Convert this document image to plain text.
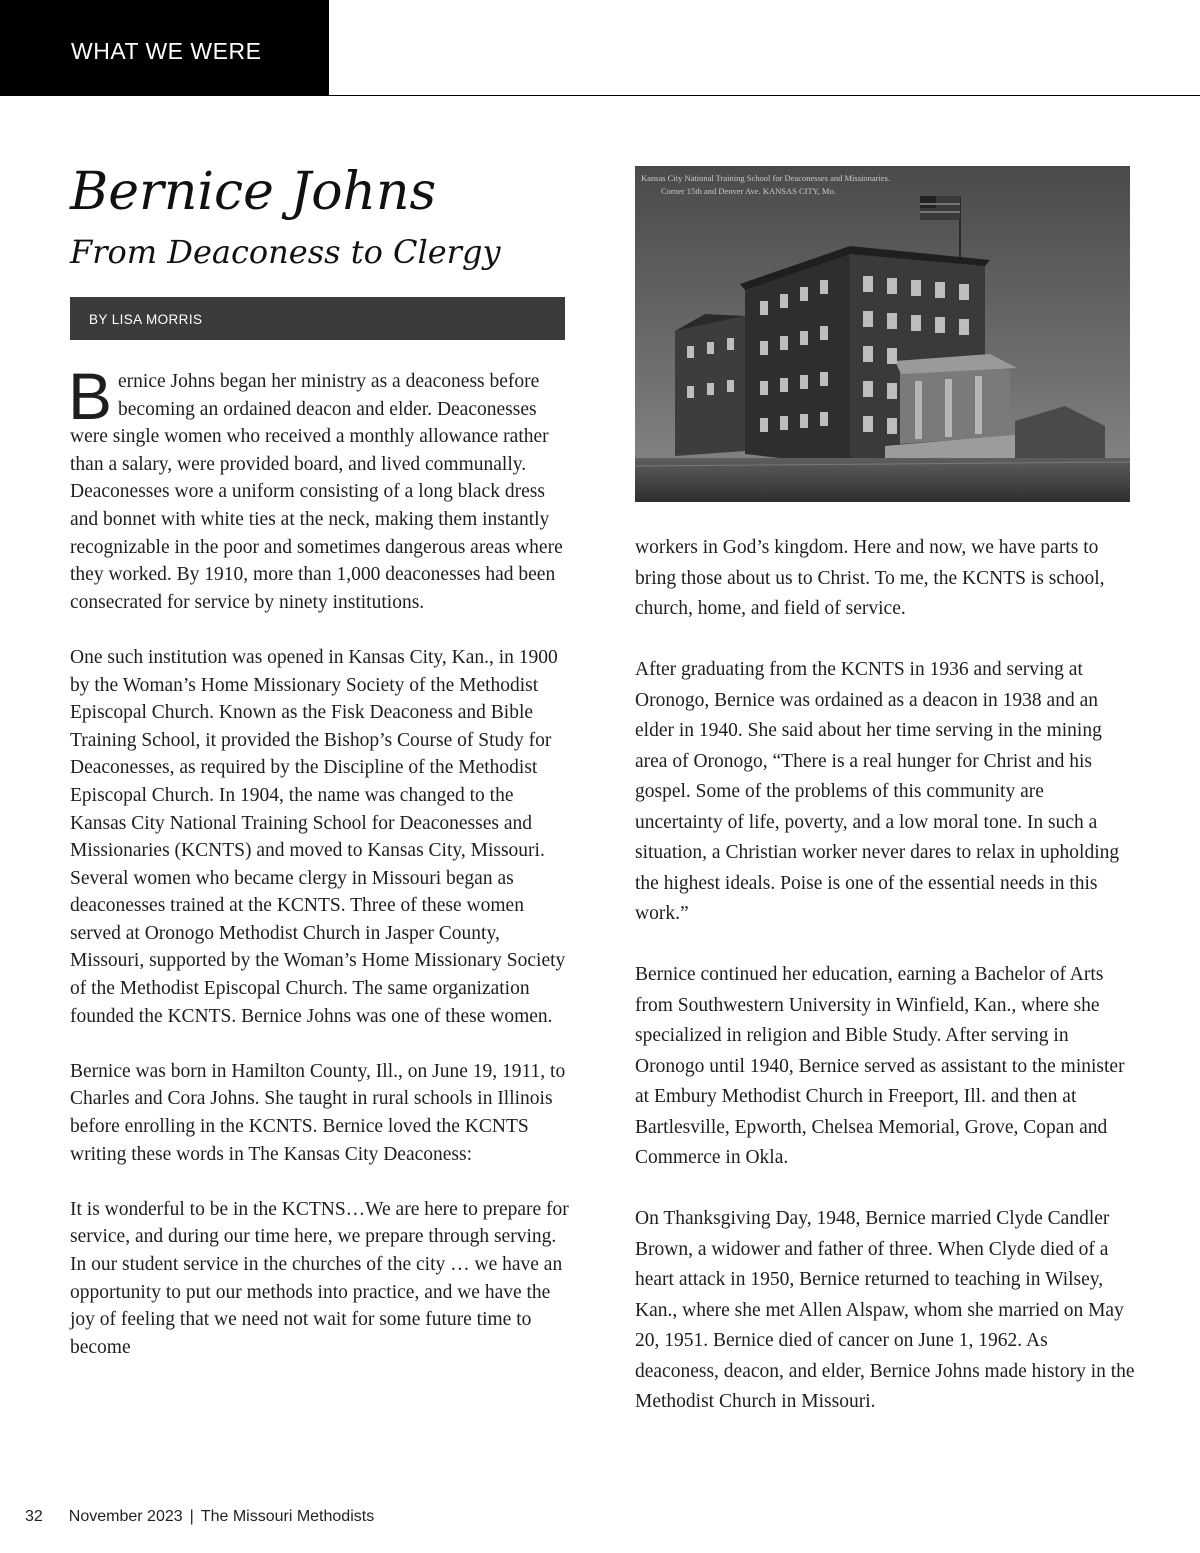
WHAT WE WERE
Bernice Johns
From Deaconess to Clergy
BY LISA MORRIS

Bernice Johns began her ministry as a deaconess before becoming an ordained deacon and elder. Deaconesses were single women who received a monthly allowance rather than a salary, were provided board, and lived communally. Deaconesses wore a uniform consisting of a long black dress and bonnet with white ties at the neck, making them instantly recognizable in the poor and sometimes dangerous areas where they worked. By 1910, more than 1,000 deaconesses had been consecrated for service by ninety institutions.

One such institution was opened in Kansas City, Kan., in 1900 by the Woman’s Home Missionary Society of the Methodist Episcopal Church. Known as the Fisk Deaconess and Bible Training School, it provided the Bishop’s Course of Study for Deaconesses, as required by the Discipline of the Methodist Episcopal Church. In 1904, the name was changed to the Kansas City National Training School for Deaconesses and Missionaries (KCNTS) and moved to Kansas City, Missouri. Several women who became clergy in Missouri began as deaconesses trained at the KCNTS. Three of these women served at Oronogo Methodist Church in Jasper County, Missouri, supported by the Woman’s Home Missionary Society of the Methodist Episcopal Church. The same organization founded the KCNTS. Bernice Johns was one of these women.

Bernice was born in Hamilton County, Ill., on June 19, 1911, to Charles and Cora Johns. She taught in rural schools in Illinois before enrolling in the KCNTS. Bernice loved the KCNTS writing these words in The Kansas City Deaconess:

It is wonderful to be in the KCTNS…We are here to prepare for service, and during our time here, we prepare through serving. In our student service in the churches of the city … we have an opportunity to put our methods into practice, and we have the joy of feeling that we need not wait for some future time to become

Kansas City National Training School for Deaconesses and Missionaries.
Corner 15th and Denver Ave. KANSAS CITY, Mo.

workers in God’s kingdom. Here and now, we have parts to bring those about us to Christ. To me, the KCNTS is school, church, home, and field of service.

After graduating from the KCNTS in 1936 and serving at Oronogo, Bernice was ordained as a deacon in 1938 and an elder in 1940. She said about her time serving in the mining area of Oronogo, “There is a real hunger for Christ and his gospel. Some of the problems of this community are uncertainty of life, poverty, and a low moral tone. In such a situation, a Christian worker never dares to relax in upholding the highest ideals. Poise is one of the essential needs in this work.”

Bernice continued her education, earning a Bachelor of Arts from Southwestern University in Winfield, Kan., where she specialized in religion and Bible Study. After serving in Oronogo until 1940, Bernice served as assistant to the minister at Embury Methodist Church in Freeport, Ill. and then at Bartlesville, Epworth, Chelsea Memorial, Grove, Copan and Commerce in Okla.

On Thanksgiving Day, 1948, Bernice married Clyde Candler Brown, a widower and father of three. When Clyde died of a heart attack in 1950, Bernice returned to teaching in Wilsey, Kan., where she met Allen Alspaw, whom she married on May 20, 1951. Bernice died of cancer on June 1, 1962. As deaconess, deacon, and elder, Bernice Johns made history in the Methodist Church in Missouri.

32 November 2023 | The Missouri Methodists
